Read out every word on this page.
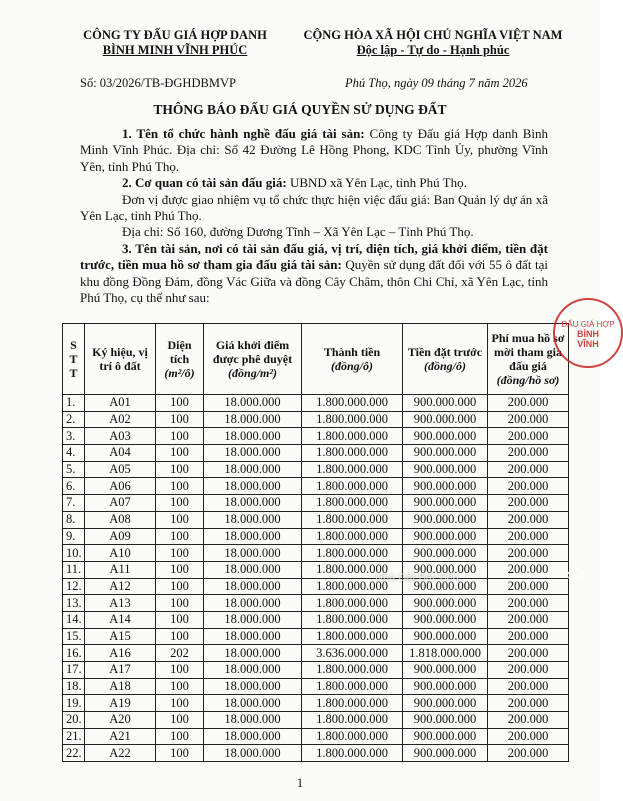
CÔNG TY ĐẤU GIÁ HỢP DANH
BÌNH MINH VĨNH PHÚC
CỘNG HÒA XÃ HỘI CHỦ NGHĨA VIỆT NAM
Độc lập - Tự do - Hạnh phúc
Số: 03/2026/TB-ĐGHDBMVP	Phú Thọ, ngày 09 tháng 7 năm 2026
THÔNG BÁO ĐẤU GIÁ QUYỀN SỬ DỤNG ĐẤT

1. Tên tổ chức hành nghề đấu giá tài sản: Công ty Đấu giá Hợp danh Bình Minh Vĩnh Phúc. Địa chỉ: Số 42 Đường Lê Hồng Phong, KDC Tỉnh Ủy, phường Vĩnh Yên, tỉnh Phú Thọ.

2. Cơ quan có tài sản đấu giá: UBND xã Yên Lạc, tỉnh Phú Thọ.

Đơn vị được giao nhiệm vụ tổ chức thực hiện việc đấu giá: Ban Quản lý dự án xã Yên Lạc, tỉnh Phú Thọ.

Địa chỉ: Số 160, đường Dương Tĩnh – Xã Yên Lạc – Tỉnh Phú Thọ.

3. Tên tài sản, nơi có tài sản đấu giá, vị trí, diện tích, giá khởi điểm, tiền đặt trước, tiền mua hồ sơ tham gia đấu giá tài sản: Quyền sử dụng đất đối với 55 ô đất tại khu đồng Đồng Đám, đồng Vác Giữa và đồng Cây Châm, thôn Chi Chỉ, xã Yên Lạc, tỉnh Phú Thọ, cụ thể như sau:

S T T	Ký hiệu, vị trí ô đất	Diện tích
(m²/ô)	Giá khởi điểm được phê duyệt
(đồng/m²)	Thành tiền
(đồng/ô)	Tiền đặt trước
(đồng/ô)	Phí mua hồ sơ mời tham gia đấu giá
(đồng/hồ sơ)
1.	A01	100	18.000.000	1.800.000.000	900.000.000	200.000
2.	A02	100	18.000.000	1.800.000.000	900.000.000	200.000
3.	A03	100	18.000.000	1.800.000.000	900.000.000	200.000
4.	A04	100	18.000.000	1.800.000.000	900.000.000	200.000
5.	A05	100	18.000.000	1.800.000.000	900.000.000	200.000
6.	A06	100	18.000.000	1.800.000.000	900.000.000	200.000
7.	A07	100	18.000.000	1.800.000.000	900.000.000	200.000
8.	A08	100	18.000.000	1.800.000.000	900.000.000	200.000
9.	A09	100	18.000.000	1.800.000.000	900.000.000	200.000
10.	A10	100	18.000.000	1.800.000.000	900.000.000	200.000
11.	A11	100	18.000.000	1.800.000.000	900.000.000	200.000
12.	A12	100	18.000.000	1.800.000.000	900.000.000	200.000
13.	A13	100	18.000.000	1.800.000.000	900.000.000	200.000
14.	A14	100	18.000.000	1.800.000.000	900.000.000	200.000
15.	A15	100	18.000.000	1.800.000.000	900.000.000	200.000
16.	A16	202	18.000.000	3.636.000.000	1.818.000.000	200.000
17.	A17	100	18.000.000	1.800.000.000	900.000.000	200.000
18.	A18	100	18.000.000	1.800.000.000	900.000.000	200.000
19.	A19	100	18.000.000	1.800.000.000	900.000.000	200.000
20.	A20	100	18.000.000	1.800.000.000	900.000.000	200.000
21.	A21	100	18.000.000	1.800.000.000	900.000.000	200.000
22.	A22	100	18.000.000	1.800.000.000	900.000.000	200.000
ĐẤU GIÁ HỢP
BÌNH
VĨNH
Nhà Đất Bát Tiến
1
